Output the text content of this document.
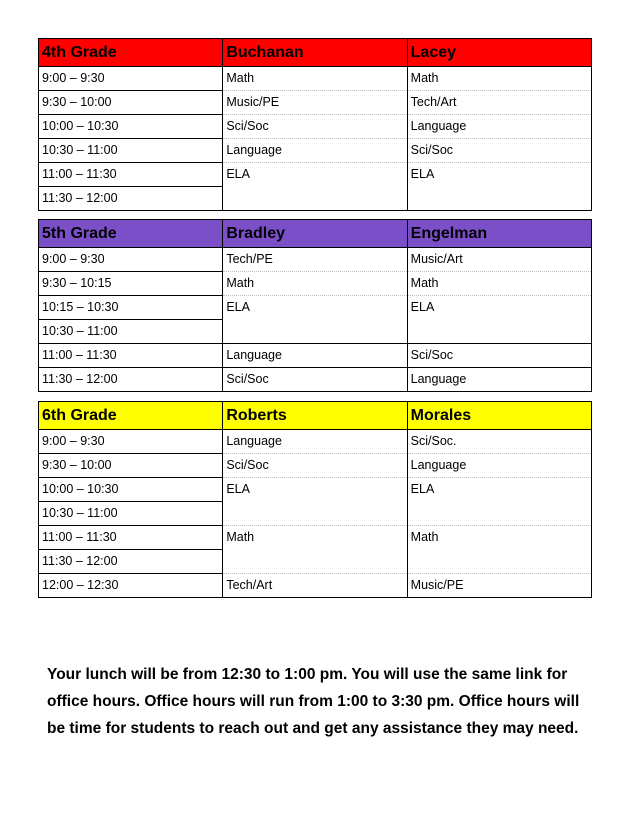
4th Grade	Buchanan	Lacey
9:00 – 9:30	Math	Math
9:30 – 10:00	Music/PE	Tech/Art
10:00 – 10:30	Sci/Soc	Language
10:30 – 11:00	Language	Sci/Soc
11:00 – 11:30	ELA	ELA
11:30 – 12:00		
5th Grade	Bradley	Engelman
9:00 – 9:30	Tech/PE	Music/Art
9:30 – 10:15	Math	Math
10:15 – 10:30	ELA	ELA
10:30 – 11:00		
11:00 – 11:30	Language	Sci/Soc
11:30 – 12:00	Sci/Soc	Language
6th Grade	Roberts	Morales
9:00 – 9:30	Language	Sci/Soc.
9:30 – 10:00	Sci/Soc	Language
10:00 – 10:30	ELA	ELA
10:30 – 11:00		
11:00 – 11:30	Math	Math
11:30 – 12:00		
12:00 – 12:30	Tech/Art	Music/PE

Your lunch will be from 12:30 to 1:00 pm. You will use the same link for office hours. Office hours will run from 1:00 to 3:30 pm. Office hours will be time for students to reach out and get any assistance they may need.
